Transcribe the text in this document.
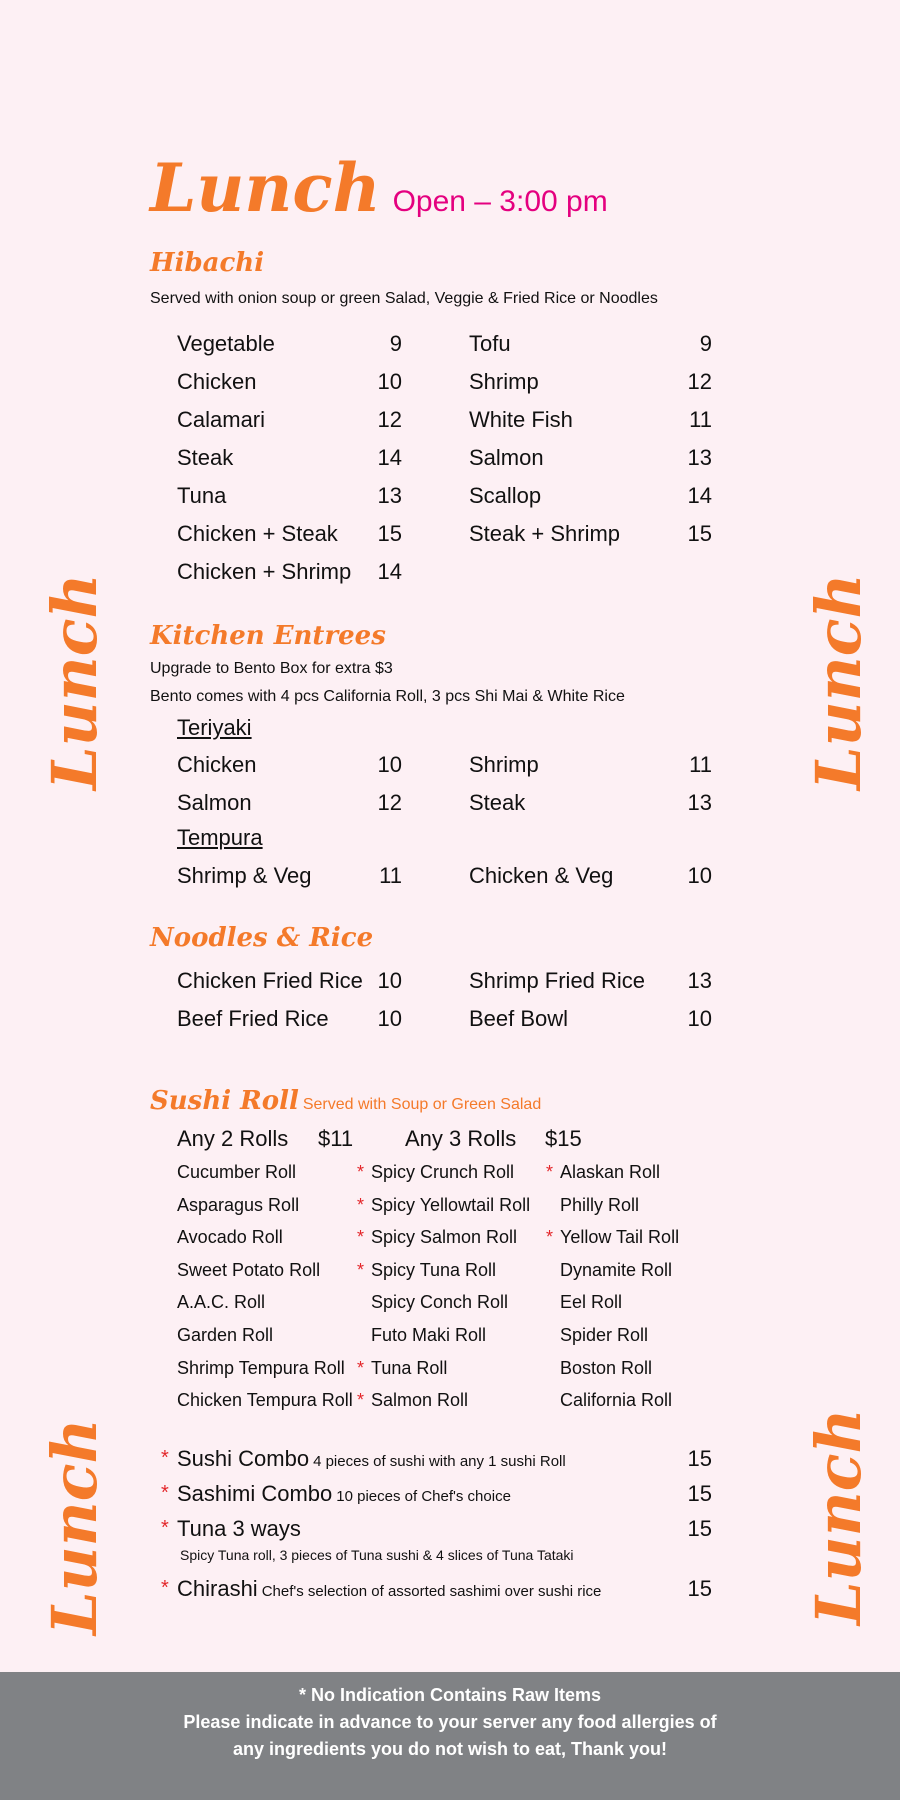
Lunch
Lunch
Lunch
Lunch
Lunch Open – 3:00 pm
Hibachi
Served with onion soup or green Salad, Veggie & Fried Rice or Noodles
Vegetable	9
Chicken	10
Calamari	12
Steak	14
Tuna	13
Chicken + Steak	15
Chicken + Shrimp	14
Tofu	9
Shrimp	12
White Fish	11
Salmon	13
Scallop	14
Steak + Shrimp	15
Kitchen Entrees
Upgrade to Bento Box for extra $3
Bento comes with 4 pcs California Roll, 3 pcs Shi Mai & White Rice
Teriyaki
Chicken	10	Shrimp	11
Salmon	12	Steak	13
Tempura
Shrimp & Veg	11	Chicken & Veg	10
Noodles & Rice
Chicken Fried Rice 10	Shrimp Fried Rice	13
Beef Fried Rice	10	Beef Bowl	10
Sushi Roll Served with Soup or Green Salad
Any 2 Rolls $11 Any 3 Rolls $15
Cucumber Roll
Asparagus Roll
Avocado Roll
Sweet Potato Roll
A.A.C. Roll
Garden Roll
Shrimp Tempura Roll
Chicken Tempura Roll
* Spicy Crunch Roll
* Spicy Yellowtail Roll
* Spicy Salmon Roll
* Spicy Tuna Roll
Spicy Conch Roll
Futo Maki Roll
* Tuna Roll
* Salmon Roll
* Alaskan Roll
Philly Roll
* Yellow Tail Roll
Dynamite Roll
Eel Roll
Spider Roll
Boston Roll
California Roll
* Sushi Combo 4 pieces of sushi with any 1 sushi Roll	15
* Sashimi Combo 10 pieces of Chef's choice	15
* Tuna 3 ways	15
Spicy Tuna roll, 3 pieces of Tuna sushi & 4 slices of Tuna Tataki
* Chirashi Chef's selection of assorted sashimi over sushi rice	15
* No Indication Contains Raw Items
Please indicate in advance to your server any food allergies of
any ingredients you do not wish to eat, Thank you!
